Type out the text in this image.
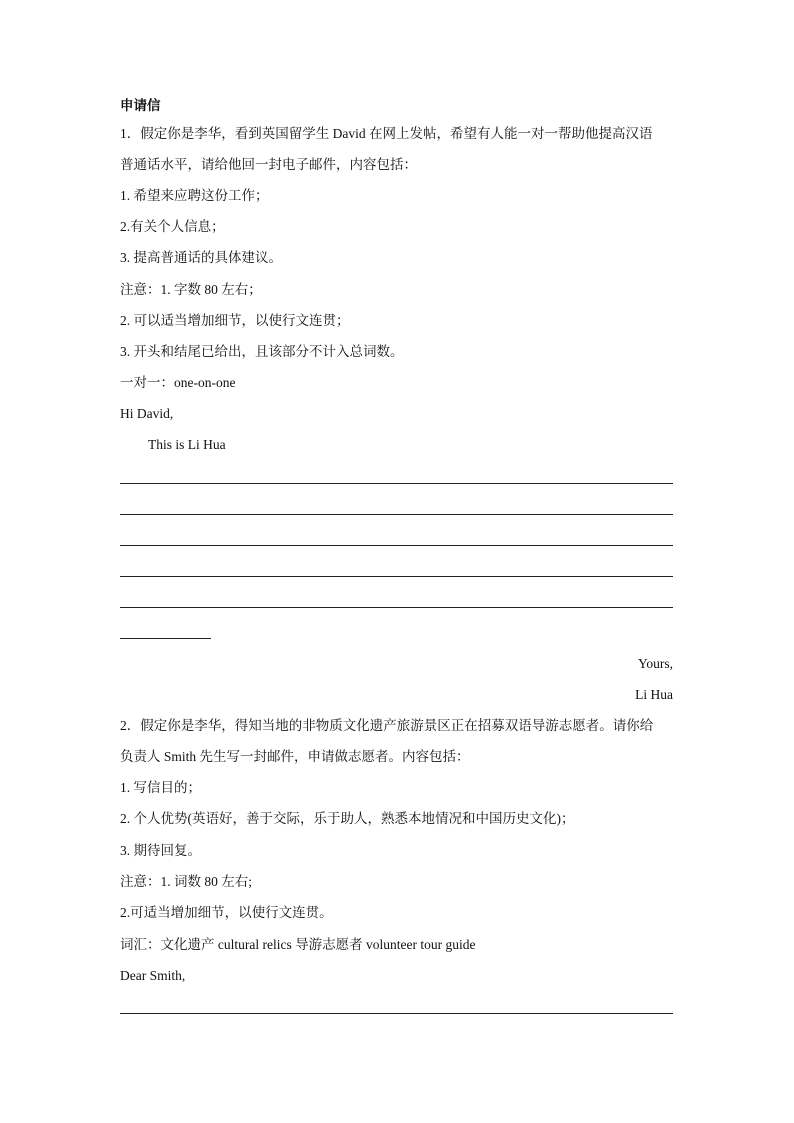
申请信
1．假定你是李华，看到英国留学生 David 在网上发帖，希望有人能一对一帮助他提高汉语
普通话水平，请给他回一封电子邮件，内容包括：
1. 希望来应聘这份工作；
2.有关个人信息；
3. 提高普通话的具体建议。
注意：1. 字数 80 左右；
2. 可以适当增加细节，以使行文连贯；
3. 开头和结尾已给出，且该部分不计入总词数。
一对一：one-on-one
Hi David,
This is Li Hua
Yours,
Li Hua
2．假定你是李华，得知当地的非物质文化遗产旅游景区正在招募双语导游志愿者。请你给
负责人 Smith 先生写一封邮件，申请做志愿者。内容包括：
1. 写信目的；
2. 个人优势(英语好，善于交际，乐于助人，熟悉本地情况和中国历史文化)；
3. 期待回复。
注意：1. 词数 80 左右;
2.可适当增加细节，以使行文连贯。
词汇：文化遗产 cultural relics 导游志愿者 volunteer tour guide
Dear Smith,
